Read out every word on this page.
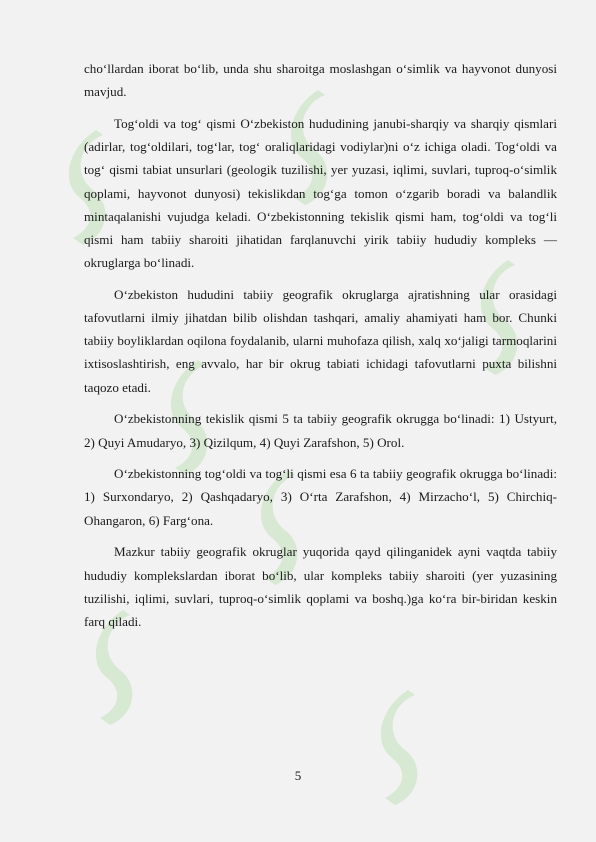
cho‘llardan iborat bo‘lib, unda shu sharoitga moslashgan o‘simlik va hayvonot dunyosi mavjud.

Tog‘oldi va tog‘ qismi O‘zbekiston hududining janubi-sharqiy va sharqiy qismlari (adirlar, tog‘oldilari, tog‘lar, tog‘ oraliqlaridagi vodiylar)ni o‘z ichiga oladi. Tog‘oldi va tog‘ qismi tabiat unsurlari (geologik tuzilishi, yer yuzasi, iqlimi, suvlari, tuproq-o‘simlik qoplami, hayvonot dunyosi) tekislikdan tog‘ga tomon o‘zgarib boradi va balandlik mintaqalanishi vujudga keladi. O‘zbekistonning tekislik qismi ham, tog‘oldi va tog‘li qismi ham tabiiy sharoiti jihatidan farqlanuvchi yirik tabiiy hududiy kompleks — okruglarga bo‘linadi.

O‘zbekiston hududini tabiiy geografik okruglarga ajratishning ular orasidagi tafovutlarni ilmiy jihatdan bilib olishdan tashqari, amaliy ahamiyati ham bor. Chunki tabiiy boyliklardan oqilona foydalanib, ularni muhofaza qilish, xalq xo‘jaligi tarmoqlarini ixtisoslashtirish, eng avvalo, har bir okrug tabiati ichidagi tafovutlarni puxta bilishni taqozo etadi.

O‘zbekistonning tekislik qismi 5 ta tabiiy geografik okrugga bo‘linadi: 1) Ustyurt, 2) Quyi Amudaryo, 3) Qizilqum, 4) Quyi Zarafshon, 5) Orol.

O‘zbekistonning tog‘oldi va tog‘li qismi esa 6 ta tabiiy geografik okrugga bo‘linadi: 1) Surxondaryo, 2) Qashqadaryo, 3) O‘rta Zarafshon, 4) Mirzacho‘l, 5) Chirchiq-Ohangaron, 6) Farg‘ona.

Mazkur tabiiy geografik okruglar yuqorida qayd qilinganidek ayni vaqtda tabiiy hududiy komplekslardan iborat bo‘lib, ular kompleks tabiiy sharoiti (yer yuzasining tuzilishi, iqlimi, suvlari, tuproq-o‘simlik qoplami va boshq.)ga ko‘ra bir-biridan keskin farq qiladi.

5
